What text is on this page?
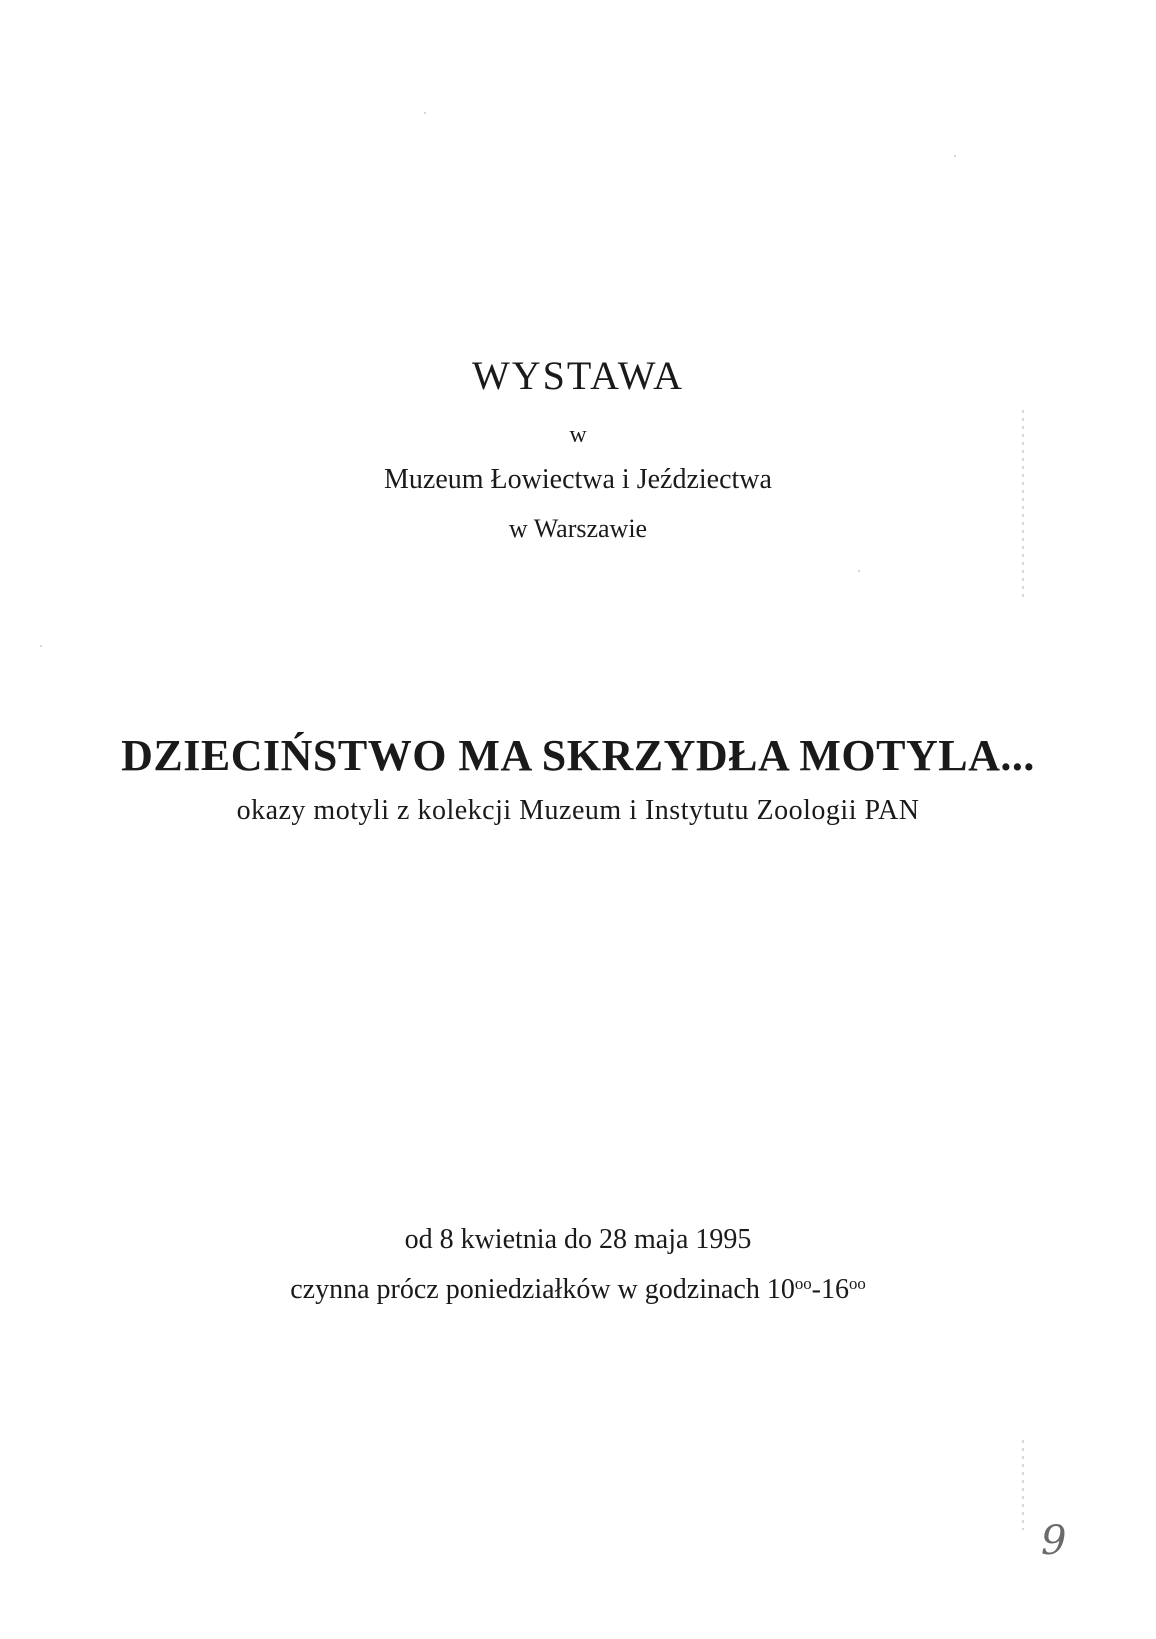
WYSTAWA
w
Muzeum Łowiectwa i Jeździectwa
w Warszawie
DZIECIŃSTWO MA SKRZYDŁA MOTYLA...
okazy motyli z kolekcji Muzeum i Instytutu Zoologii PAN
od 8 kwietnia do 28 maja 1995
czynna prócz poniedziałków w godzinach $10^{oo}-16^{oo}$
9
